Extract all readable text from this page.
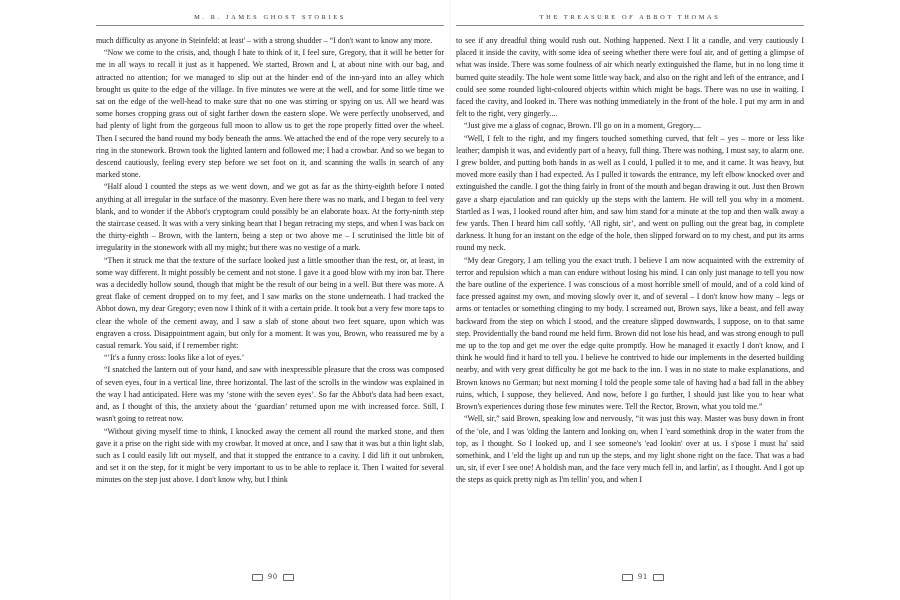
M. R. JAMES GHOST STORIES

much difficulty as anyone in Steinfeld: at least' – with a strong shudder – “I don't want to know any more.

“Now we come to the crisis, and, though I hate to think of it, I feel sure, Gregory, that it will be better for me in all ways to recall it just as it happened. We started, Brown and I, at about nine with our bag, and attracted no attention; for we managed to slip out at the hinder end of the inn-yard into an alley which brought us quite to the edge of the village. In five minutes we were at the well, and for some little time we sat on the edge of the well-head to make sure that no one was stirring or spying on us. All we heard was some horses cropping grass out of sight farther down the eastern slope. We were perfectly unobserved, and had plenty of light from the gorgeous full moon to allow us to get the rope properly fitted over the wheel. Then I secured the band round my body beneath the arms. We attached the end of the rope very securely to a ring in the stonework. Brown took the lighted lantern and followed me; I had a crowbar. And so we began to descend cautiously, feeling every step before we set foot on it, and scanning the walls in search of any marked stone.

“Half aloud I counted the steps as we went down, and we got as far as the thirty-eighth before I noted anything at all irregular in the surface of the masonry. Even here there was no mark, and I began to feel very blank, and to wonder if the Abbot's cryptogram could possibly be an elaborate hoax. At the forty-ninth step the staircase ceased. It was with a very sinking heart that I began retracing my steps, and when I was back on the thirty-eighth – Brown, with the lantern, being a step or two above me – I scrutinised the little bit of irregularity in the stonework with all my might; but there was no vestige of a mark.

“Then it struck me that the texture of the surface looked just a little smoother than the rest, or, at least, in some way different. It might possibly be cement and not stone. I gave it a good blow with my iron bar. There was a decidedly hollow sound, though that might be the result of our being in a well. But there was more. A great flake of cement dropped on to my feet, and I saw marks on the stone underneath. I had tracked the Abbot down, my dear Gregory; even now I think of it with a certain pride. It took but a very few more taps to clear the whole of the cement away, and I saw a slab of stone about two feet square, upon which was engraven a cross. Disappointment again, but only for a moment. It was you, Brown, who reassured me by a casual remark. You said, if I remember right:

“‘It's a funny cross: looks like a lot of eyes.’

“I snatched the lantern out of your hand, and saw with inexpressible pleasure that the cross was composed of seven eyes, four in a vertical line, three horizontal. The last of the scrolls in the window was explained in the way I had anticipated. Here was my ‘stone with the seven eyes’. So far the Abbot's data had been exact, and, as I thought of this, the anxiety about the ‘guardian’ returned upon me with increased force. Still, I wasn't going to retreat now.

“Without giving myself time to think, I knocked away the cement all round the marked stone, and then gave it a prise on the right side with my crowbar. It moved at once, and I saw that it was but a thin light slab, such as I could easily lift out myself, and that it stopped the entrance to a cavity. I did lift it out unbroken, and set it on the step, for it might be very important to us to be able to replace it. Then I waited for several minutes on the step just above. I don't know why, but I think

90
THE TREASURE OF ABBOT THOMAS

to see if any dreadful thing would rush out. Nothing happened. Next I lit a candle, and very cautiously I placed it inside the cavity, with some idea of seeing whether there were foul air, and of getting a glimpse of what was inside. There was some foulness of air which nearly extinguished the flame, but in no long time it burned quite steadily. The hole went some little way back, and also on the right and left of the entrance, and I could see some rounded light-coloured objects within which might be bags. There was no use in waiting. I faced the cavity, and looked in. There was nothing immediately in the front of the hole. I put my arm in and felt to the right, very gingerly....

“Just give me a glass of cognac, Brown. I'll go on in a moment, Gregory....

“Well, I felt to the right, and my fingers touched something curved, that felt – yes – more or less like leather; dampish it was, and evidently part of a heavy, full thing. There was nothing, I must say, to alarm one. I grew bolder, and putting both hands in as well as I could, I pulled it to me, and it came. It was heavy, but moved more easily than I had expected. As I pulled it towards the entrance, my left elbow knocked over and extinguished the candle. I got the thing fairly in front of the mouth and began drawing it out. Just then Brown gave a sharp ejaculation and ran quickly up the steps with the lantern. He will tell you why in a moment. Startled as I was, I looked round after him, and saw him stand for a minute at the top and then walk away a few yards. Then I heard him call softly, ‘All right, sir’, and went on pulling out the great bag, in complete darkness. It hung for an instant on the edge of the hole, then slipped forward on to my chest, and put its arms round my neck.

“My dear Gregory, I am telling you the exact truth. I believe I am now acquainted with the extremity of terror and repulsion which a man can endure without losing his mind. I can only just manage to tell you now the bare outline of the experience. I was conscious of a most horrible smell of mould, and of a cold kind of face pressed against my own, and moving slowly over it, and of several – I don't know how many – legs or arms or tentacles or something clinging to my body. I screamed out, Brown says, like a beast, and fell away backward from the step on which I stood, and the creature slipped downwards, I suppose, on to that same step. Providentially the band round me held firm. Brown did not lose his head, and was strong enough to pull me up to the top and get me over the edge quite promptly. How he managed it exactly I don't know, and I think he would find it hard to tell you. I believe he contrived to hide our implements in the deserted building nearby, and with very great difficulty he got me back to the inn. I was in no state to make explanations, and Brown knows no German; but next morning I told the people some tale of having had a bad fall in the abbey ruins, which, I suppose, they believed. And now, before I go further, I should just like you to hear what Brown's experiences during those few minutes were. Tell the Rector, Brown, what you told me.”

“Well, sir,” said Brown, speaking low and nervously, “it was just this way. Master was busy down in front of the 'ole, and I was 'olding the lantern and looking on, when I 'eard somethink drop in the water from the top, as I thought. So I looked up, and I see someone's 'ead lookin' over at us. I s'pose I must ha' said somethink, and I 'eld the light up and run up the steps, and my light shone right on the face. That was a bad un, sir, if ever I see one! A holdish man, and the face very much fell in, and larfin', as I thought. And I got up the steps as quick pretty nigh as I'm tellin' you, and when I

91
